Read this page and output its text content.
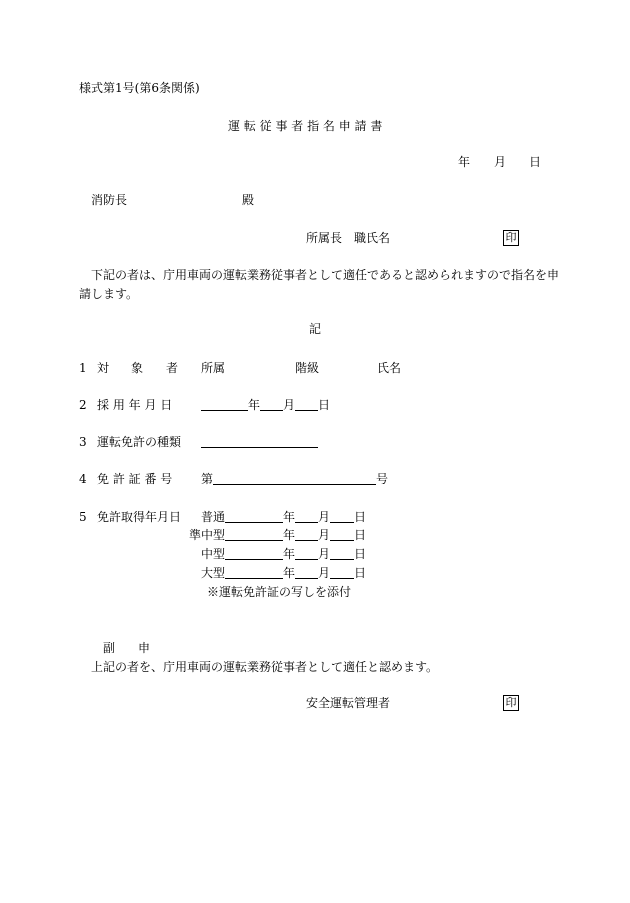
様式第1号(第6条関係)
運 転 従 事 者 指 名 申 請 書
年 月 日
消防長	殿
所属長　職氏名	印
下記の者は、庁用車両の運転業務従事者として適任であると認められますので指名を申
請します。
記
1 対 象 者 所属	階級	氏名
2 採 用 年 月 日	年 月 日
3 運転免許の種類
4 免 許 証 番 号 第	号
5 免許取得年月日 普通	年 月 日
準中型	年 月 日
中型	年 月 日
大型	年 月 日
※運転免許証の写しを添付
副 申
上記の者を、庁用車両の運転業務従事者として適任と認めます。
安全運転管理者	印
